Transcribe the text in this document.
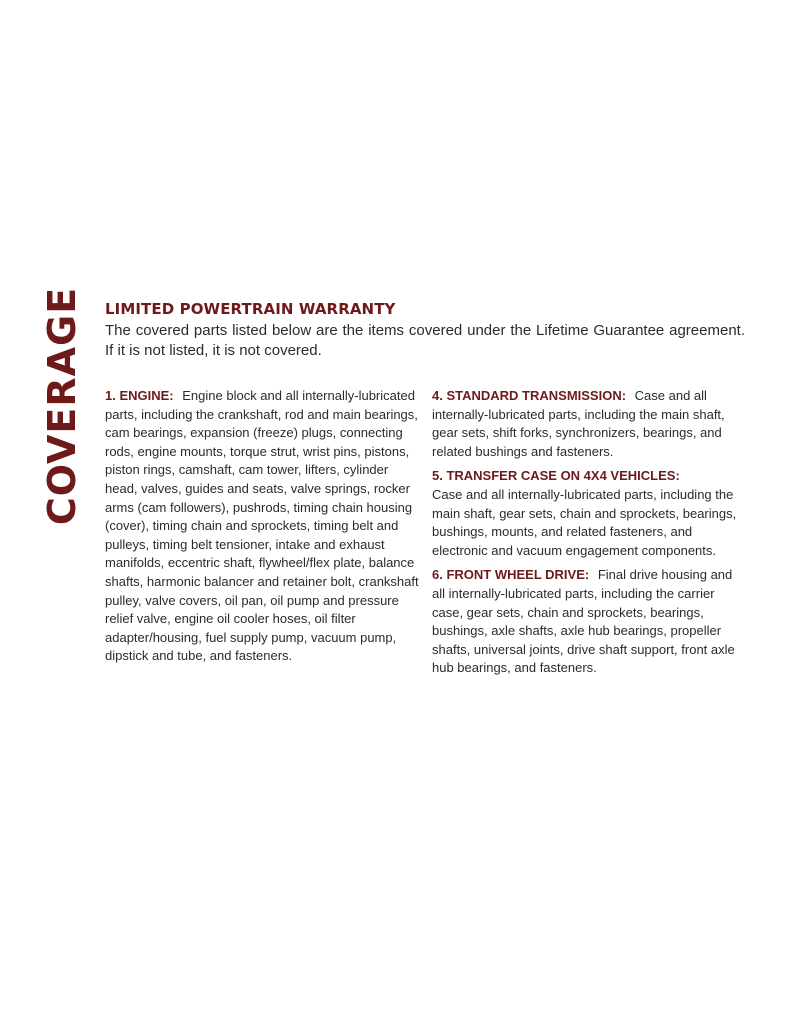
COVERAGE LIMITED POWERTRAIN WARRANTY
The covered parts listed below are the items covered under the Lifetime Guarantee agreement. If it is not listed, it is not covered.

1. ENGINE: Engine block and all internally-lubricated parts, including the crankshaft, rod and main bearings, cam bearings, expansion (freeze) plugs, connecting rods, engine mounts, torque strut, wrist pins, pistons, piston rings, camshaft, cam tower, lifters, cylinder head, valves, guides and seats, valve springs, rocker arms (cam followers), pushrods, timing chain housing (cover), timing chain and sprockets, timing belt and pulleys, timing belt tensioner, intake and exhaust manifolds, eccentric shaft, flywheel/flex plate, balance shafts, harmonic balancer and retainer bolt, crankshaft pulley, valve covers, oil pan, oil pump and pressure relief valve, engine oil cooler hoses, oil filter adapter/housing, fuel supply pump, vacuum pump, dipstick and tube, and fasteners.

4. STANDARD TRANSMISSION: Case and all internally-lubricated parts, including the main shaft, gear sets, shift forks, synchronizers, bearings, and related bushings and fasteners.

5. TRANSFER CASE ON 4X4 VEHICLES:
Case and all internally-lubricated parts, including the main shaft, gear sets, chain and sprockets, bearings, bushings, mounts, and related fasteners, and electronic and vacuum engagement components.

6. FRONT WHEEL DRIVE: Final drive housing and all internally-lubricated parts, including the carrier case, gear sets, chain and sprockets, bearings, bushings, axle shafts, axle hub bearings, propeller shafts, universal joints, drive shaft support, front axle hub bearings, and fasteners.
